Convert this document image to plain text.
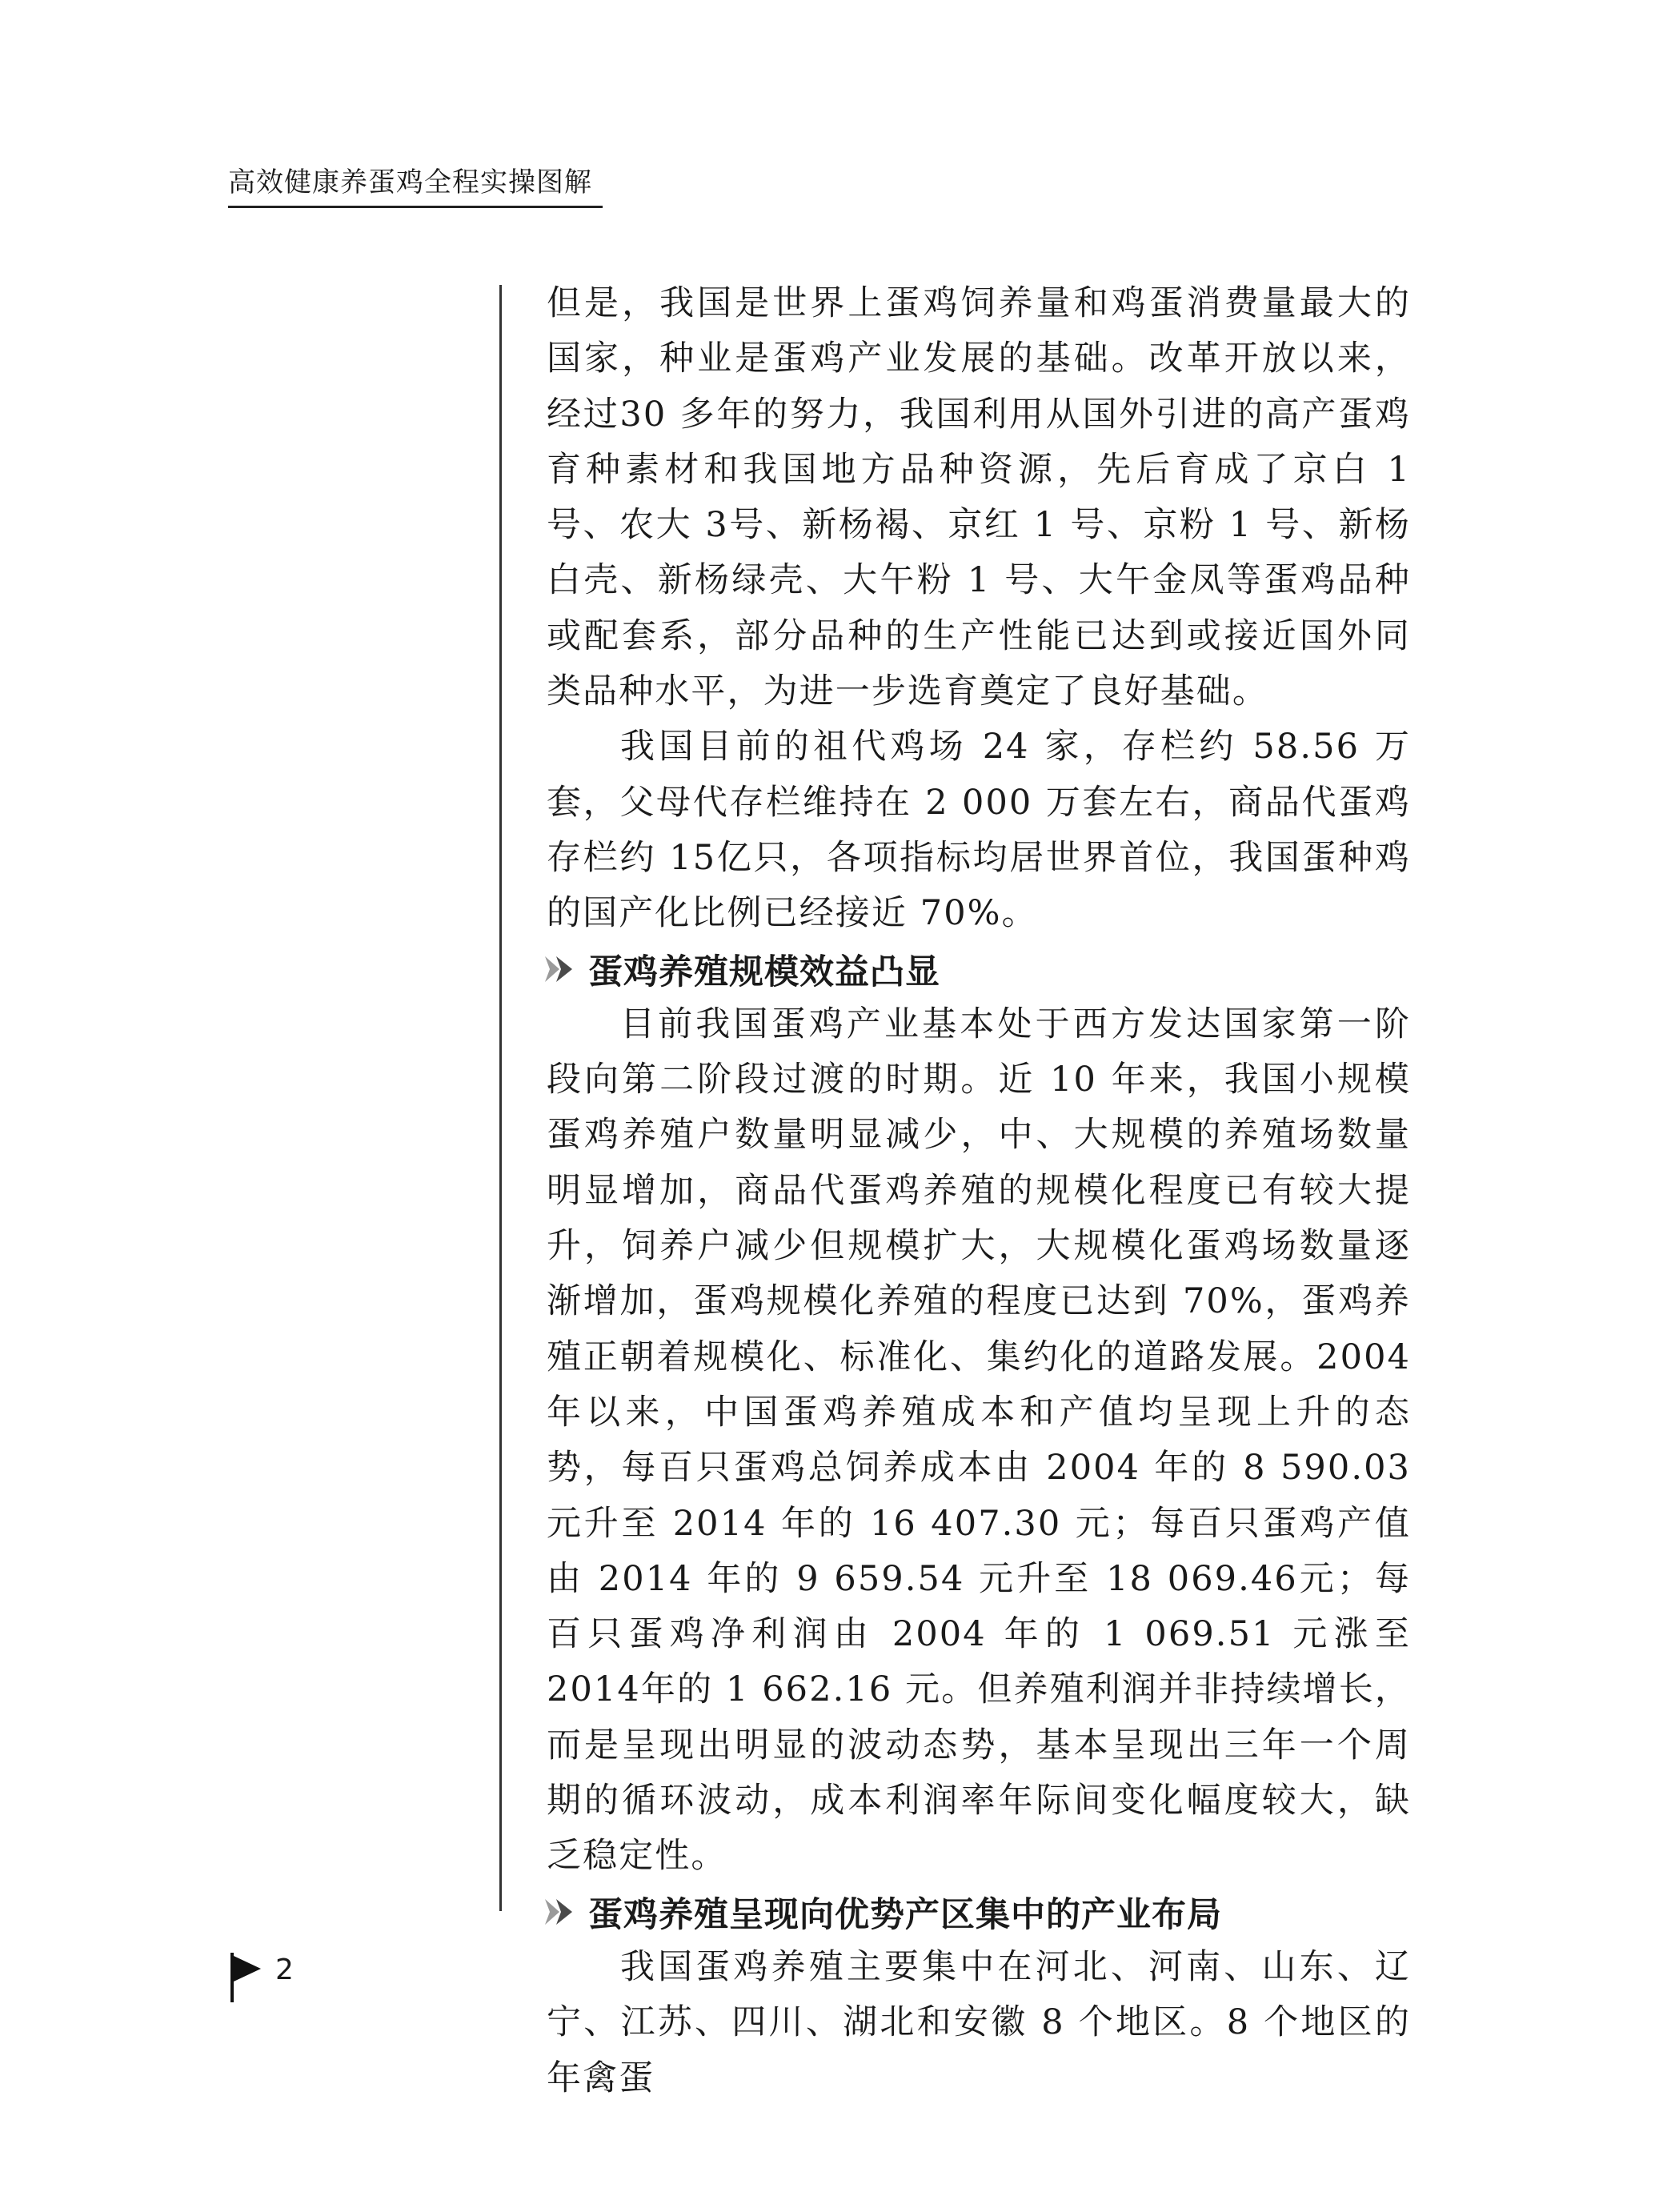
高效健康养蛋鸡全程实操图解

但是，我国是世界上蛋鸡饲养量和鸡蛋消费量最大的国家，种业是蛋鸡产业发展的基础。改革开放以来，经过30 多年的努力，我国利用从国外引进的高产蛋鸡育种素材和我国地方品种资源，先后育成了京白 1 号、农大 3号、新杨褐、京红 1 号、京粉 1 号、新杨白壳、新杨绿壳、大午粉 1 号、大午金凤等蛋鸡品种或配套系，部分品种的生产性能已达到或接近国外同类品种水平，为进一步选育奠定了良好基础。

我国目前的祖代鸡场 24 家，存栏约 58.56 万套，父母代存栏维持在 2 000 万套左右，商品代蛋鸡存栏约 15亿只，各项指标均居世界首位，我国蛋种鸡的国产化比例已经接近 70%。

蛋鸡养殖规模效益凸显

目前我国蛋鸡产业基本处于西方发达国家第一阶段向第二阶段过渡的时期。近 10 年来，我国小规模蛋鸡养殖户数量明显减少，中、大规模的养殖场数量明显增加，商品代蛋鸡养殖的规模化程度已有较大提升，饲养户减少但规模扩大，大规模化蛋鸡场数量逐渐增加，蛋鸡规模化养殖的程度已达到 70%，蛋鸡养殖正朝着规模化、标准化、集约化的道路发展。2004 年以来，中国蛋鸡养殖成本和产值均呈现上升的态势，每百只蛋鸡总饲养成本由 2004 年的 8 590.03 元升至 2014 年的 16 407.30 元；每百只蛋鸡产值由 2014 年的 9 659.54 元升至 18 069.46元；每百只蛋鸡净利润由 2004 年的 1 069.51 元涨至 2014年的 1 662.16 元。但养殖利润并非持续增长，而是呈现出明显的波动态势，基本呈现出三年一个周期的循环波动，成本利润率年际间变化幅度较大，缺乏稳定性。

蛋鸡养殖呈现向优势产区集中的产业布局

我国蛋鸡养殖主要集中在河北、河南、山东、辽宁、江苏、四川、湖北和安徽 8 个地区。8 个地区的年禽蛋

2
